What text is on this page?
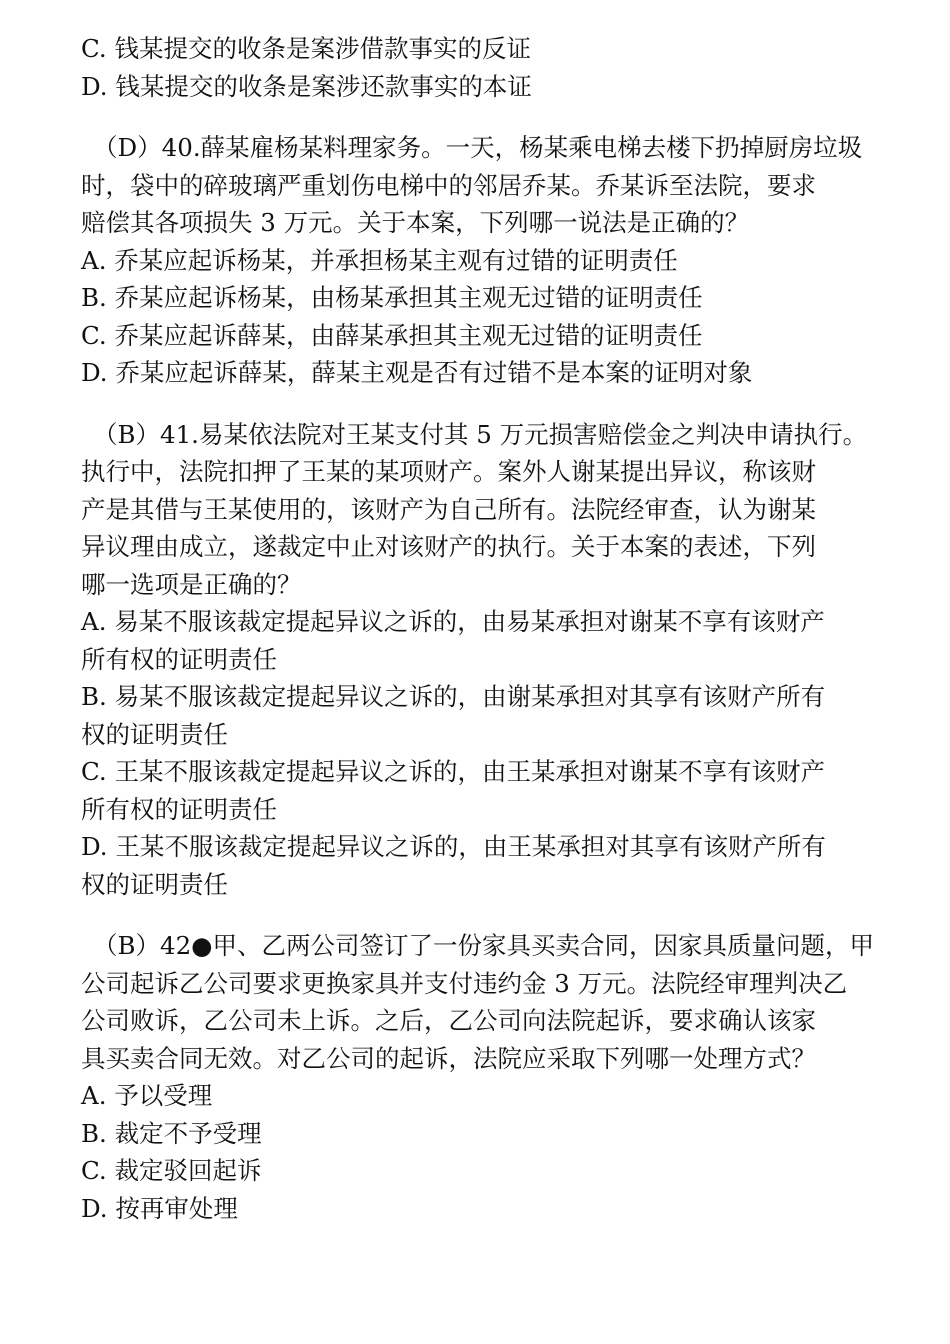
C. 钱某提交的收条是案涉借款事实的反证
D. 钱某提交的收条是案涉还款事实的本证
（D）40.薛某雇杨某料理家务。一天，杨某乘电梯去楼下扔掉厨房垃圾
时，袋中的碎玻璃严重划伤电梯中的邻居乔某。乔某诉至法院，要求
赔偿其各项损失 3 万元。关于本案，下列哪一说法是正确的？
A. 乔某应起诉杨某，并承担杨某主观有过错的证明责任
B. 乔某应起诉杨某，由杨某承担其主观无过错的证明责任
C. 乔某应起诉薛某，由薛某承担其主观无过错的证明责任
D. 乔某应起诉薛某，薛某主观是否有过错不是本案的证明对象
（B）41.易某依法院对王某支付其 5 万元损害赔偿金之判决申请执行。
执行中，法院扣押了王某的某项财产。案外人谢某提出异议，称该财
产是其借与王某使用的，该财产为自己所有。法院经审查，认为谢某
异议理由成立，遂裁定中止对该财产的执行。关于本案的表述，下列
哪一选项是正确的？
A. 易某不服该裁定提起异议之诉的，由易某承担对谢某不享有该财产
所有权的证明责任
B. 易某不服该裁定提起异议之诉的，由谢某承担对其享有该财产所有
权的证明责任
C. 王某不服该裁定提起异议之诉的，由王某承担对谢某不享有该财产
所有权的证明责任
D. 王某不服该裁定提起异议之诉的，由王某承担对其享有该财产所有
权的证明责任
（B）42●甲、乙两公司签订了一份家具买卖合同，因家具质量问题，甲
公司起诉乙公司要求更换家具并支付违约金 3 万元。法院经审理判决乙
公司败诉，乙公司未上诉。之后，乙公司向法院起诉，要求确认该家
具买卖合同无效。对乙公司的起诉，法院应采取下列哪一处理方式？
A. 予以受理
B. 裁定不予受理
C. 裁定驳回起诉
D. 按再审处理
